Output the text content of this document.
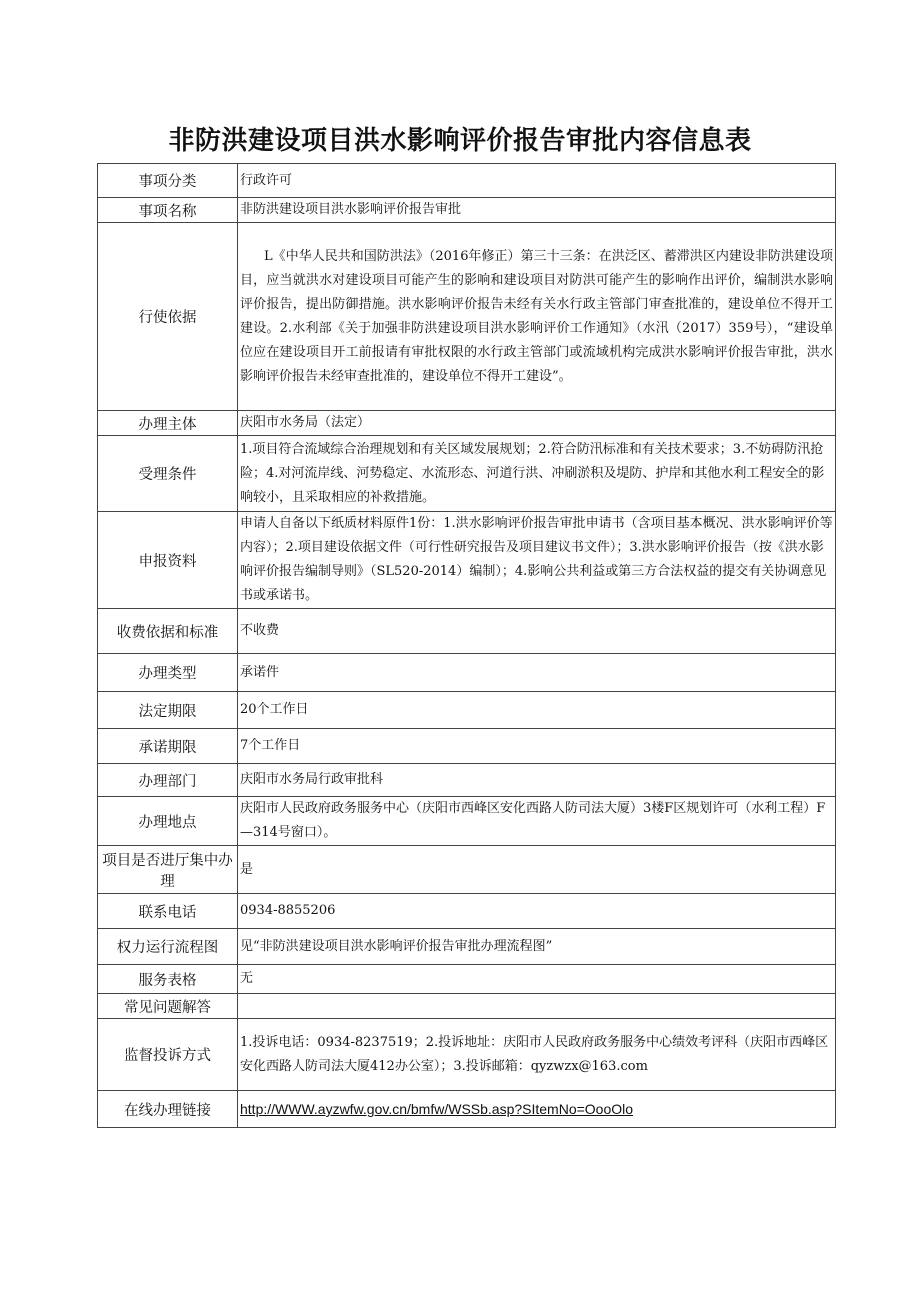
非防洪建设项目洪水影响评价报告审批内容信息表
事项分类	行政许可
事项名称	非防洪建设项目洪水影响评价报告审批
行使依据	L《中华人民共和国防洪法》（2016年修正）第三十三条：在洪泛区、蓄滞洪区内建设非防洪建设项目，应当就洪水对建设项目可能产生的影响和建设项目对防洪可能产生的影响作出评价，编制洪水影响评价报告，提出防御措施。洪水影响评价报告未经有关水行政主管部门审查批准的，建设单位不得开工建设。2.水利部《关于加强非防洪建设项目洪水影响评价工作通知》（水汛（2017）359号），“建设单位应在建设项目开工前报请有审批权限的水行政主管部门或流域机构完成洪水影响评价报告审批，洪水影响评价报告未经审查批准的，建设单位不得开工建设”。
办理主体	庆阳市水务局（法定）
受理条件	1.项目符合流域综合治理规划和有关区域发展规划；2.符合防汛标准和有关技术要求；3.不妨碍防汛抢险；4.对河流岸线、河势稳定、水流形态、河道行洪、冲刷淤积及堤防、护岸和其他水利工程安全的影响较小，且采取相应的补救措施。
申报资料	申请人自备以下纸质材料原件1份：1.洪水影响评价报告审批申请书（含项目基本概况、洪水影响评价等内容）；2.项目建设依据文件（可行性研究报告及项目建议书文件）；3.洪水影响评价报告（按《洪水影响评价报告编制导则》（SL520-2014）编制）；4.影响公共利益或第三方合法权益的提交有关协调意见书或承诺书。
收费依据和标准	不收费
办理类型	承诺件
法定期限	20个工作日
承诺期限	7个工作日
办理部门	庆阳市水务局行政审批科
办理地点	庆阳市人民政府政务服务中心（庆阳市西峰区安化西路人防司法大厦）3楼F区规划许可（水利工程）F—314号窗口）。
项目是否进厅集中办理	是
联系电话	0934-8855206
权力运行流程图	见“非防洪建设项目洪水影响评价报告审批办理流程图”
服务表格	无
常见问题解答	
监督投诉方式	1.投诉电话：0934-8237519；2.投诉地址：庆阳市人民政府政务服务中心绩效考评科（庆阳市西峰区安化西路人防司法大厦412办公室）；3.投诉邮箱：qyzwzx@163.com
在线办理链接	http://WWW.ayzwfw.gov.cn/bmfw/WSSb.asp?SItemNo=OooOlo
